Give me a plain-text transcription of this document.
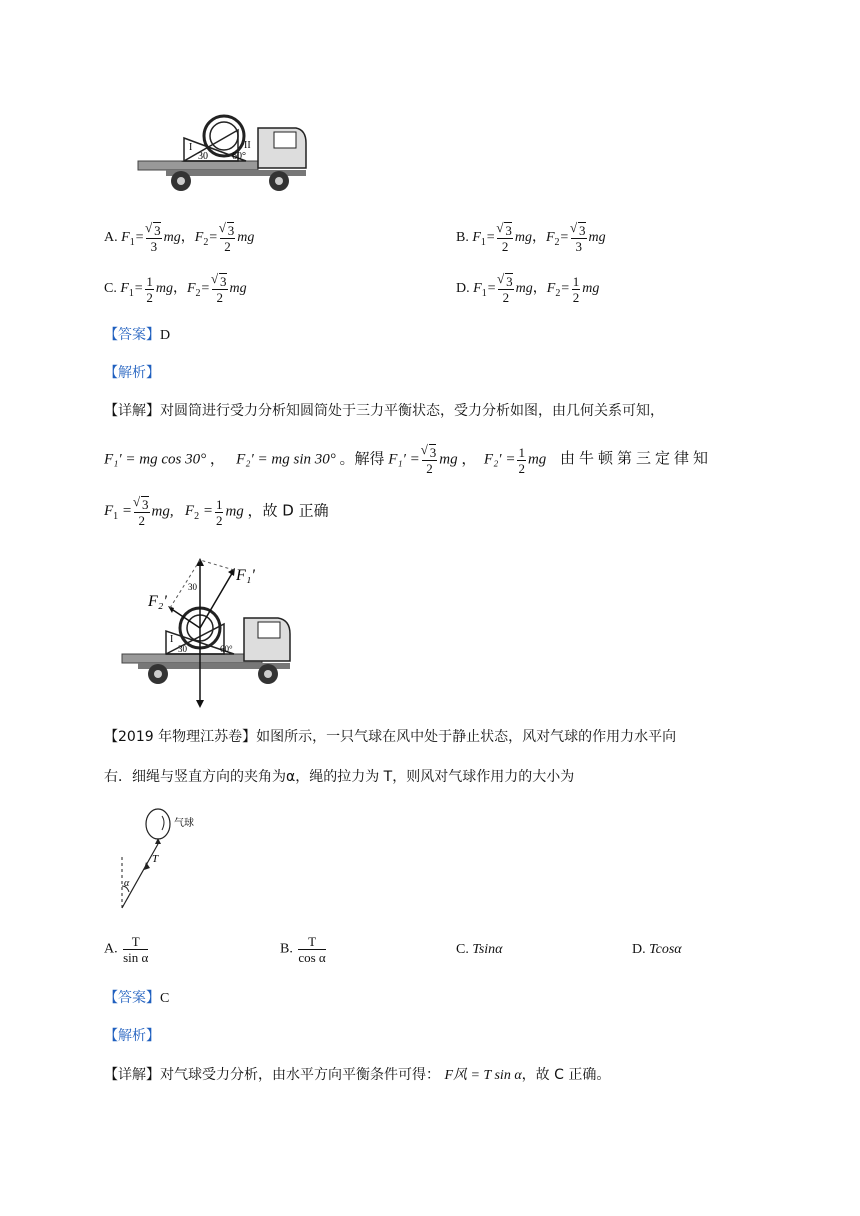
I	II
30 60°
A. $F_1=$ √ $\frac{3}{3}$ mg，$F_2=$ √ $\frac{3}{2}$ mg	B. $F_1=$ √ $\frac{3}{2}$ mg，$F_2=$ √ $\frac{3}{3}$ mg
C. $F_1= \frac{1}{2}$ mg，$F_2=$ √ $\frac{3}{2}$ mg	D. $F_1=$ √ $\frac{3}{2}$ mg，$F_2= \frac{1}{2}$ mg
【答案】D
【解析】
【详解】对圆筒进行受力分析知圆筒处于三力平衡状态，受力分析如图，由几何关系可知，
F₁′ = mg cos 30° ，   F₂′ = mg sin 30° 。解得 F₁′ = √ $\frac{3}{2}$ mg ，  $F_2' = \frac{1}{2}$ mg 由牛顿第三定律知
$F_1$ = √ $\frac{3}{2}$ mg,   $F_2 = \frac{1}{2}$ mg ，故 D 正确
F₁'
F₂'
30
I
30	60°
【2019 年物理江苏卷】如图所示，一只气球在风中处于静止状态，风对气球的作用力水平向
右．细绳与竖直方向的夹角为α，绳的拉力为 T，则风对气球作用力的大小为
气球
T
α
A. $\frac{T}{\text{sin α}}$	B. $\frac{T}{\text{cos α}}$	C. Tsinα	D. Tcosα
【答案】C
【解析】
【详解】对气球受力分析，由水平方向平衡条件可得： F风 = T sin α，故 C 正确。
